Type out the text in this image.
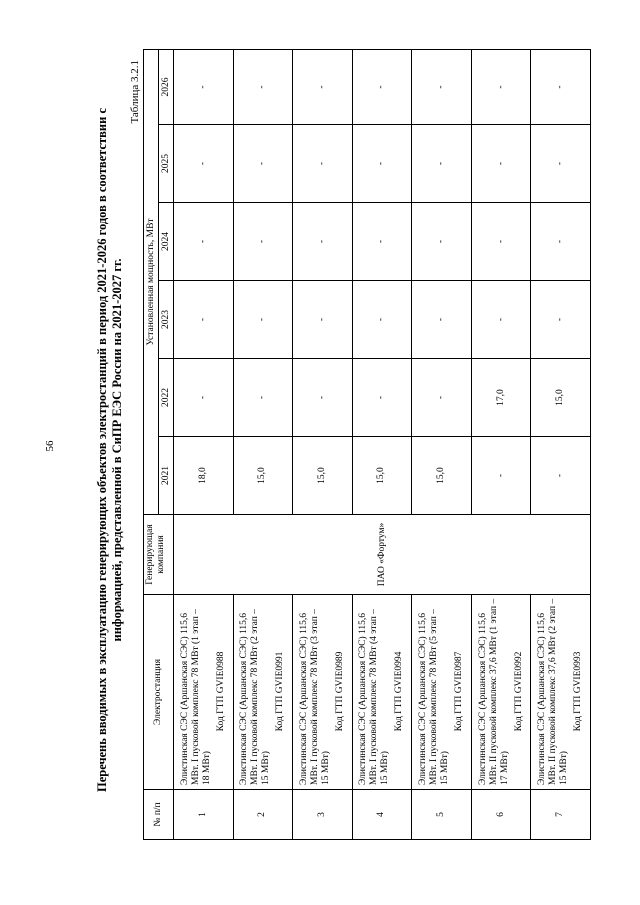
56	Перечень вводимых в эксплуатацию генерирующих объектов электростанций в период 2021-2026 годов в соответствии с информацией, представленной в СиПР ЕЭС России на 2021-2027 гг.
Таблица 3.2.1
№ п/п	Электростанция	Генерирующая компания	Установленная мощность, МВт					
			2021	2022	2023	2024	2025	2026
1	Элистинская СЭС (Аршанская СЭС) 115,6 МВт. I пусковой комплекс 78 МВт (1 этап – 18 МВт)
Код ГТП GVIE0988	ПАО «Фортум»	18,0	-	-	-	-	-
2	Элистинская СЭС (Аршанская СЭС) 115,6 МВт. I пусковой комплекс 78 МВт (2 этап – 15 МВт)
Код ГТП GVIE0991		15,0	-	-	-	-	-
3	Элистинская СЭС (Аршанская СЭС) 115,6 МВт. I пусковой комплекс 78 МВт (3 этап – 15 МВт)
Код ГТП GVIE0989		15,0	-	-	-	-	-
4	Элистинская СЭС (Аршанская СЭС) 115,6 МВт. I пусковой комплекс 78 МВт (4 этап – 15 МВт)
Код ГТП GVIE0994		15,0	-	-	-	-	-
5	Элистинская СЭС (Аршанская СЭС) 115,6 МВт. I пусковой комплекс 78 МВт (5 этап – 15 МВт)
Код ГТП GVIE0987		15,0	-	-	-	-	-
6	Элистинская СЭС (Аршанская СЭС) 115,6 МВт. II пусковой комплекс 37,6 МВт (1 этап – 17 МВт)
Код ГТП GVIE0992		-	17,0	-	-	-	-
7	Элистинская СЭС (Аршанская СЭС) 115,6 МВт. II пусковой комплекс 37,6 МВт (2 этап – 15 МВт)
Код ГТП GVIE0993		-	15,0	-	-	-	-
